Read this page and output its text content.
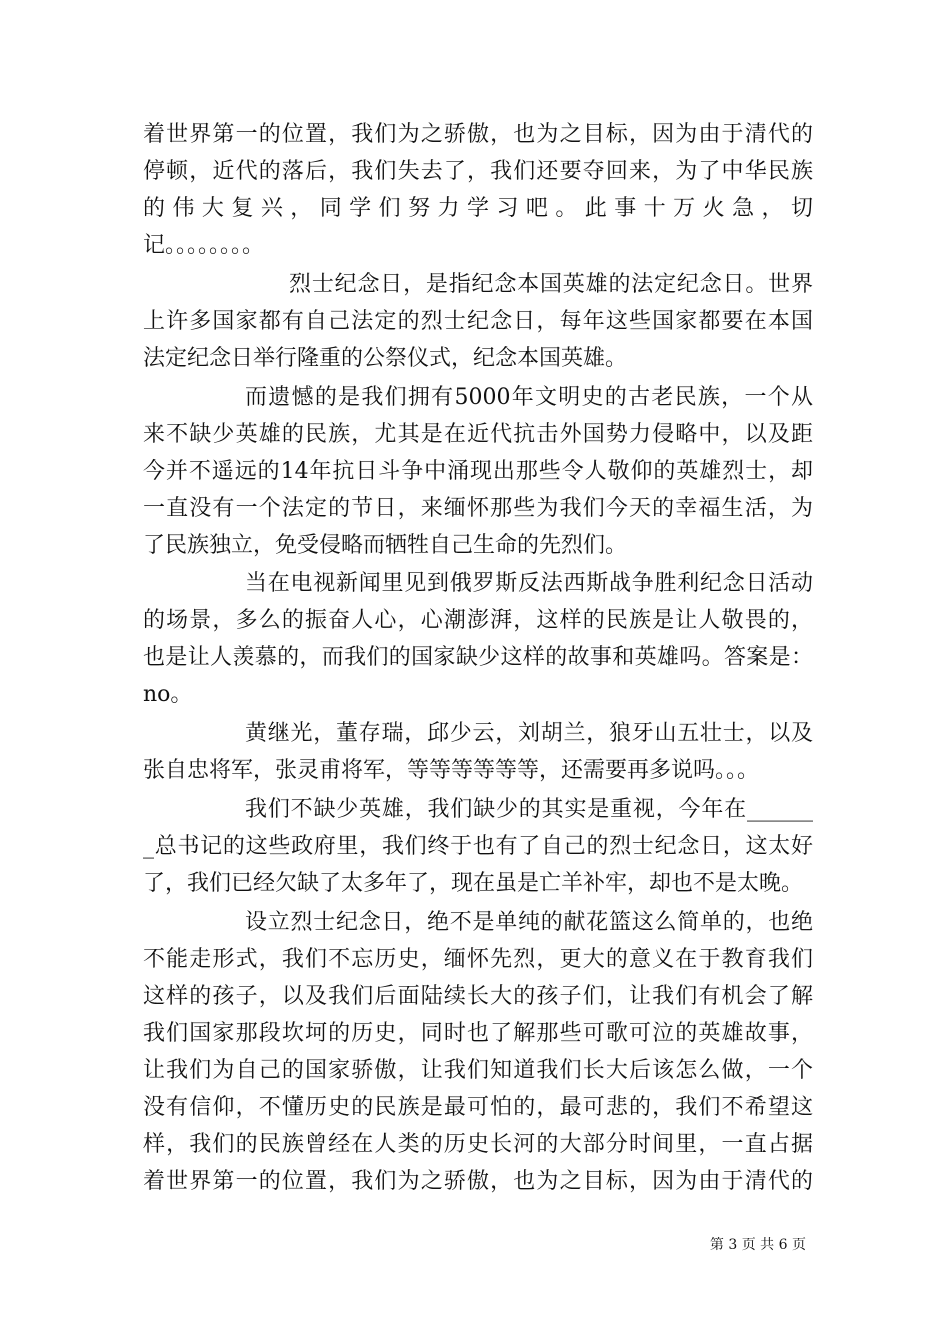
着世界第一的位置，我们为之骄傲，也为之目标，因为由于清代的
停顿，近代的落后，我们失去了，我们还要夺回来，为了中华民族
的伟大复兴，同学们努力学习吧。此事十万火急，切
记。。。。。。。。
烈士纪念日，是指纪念本国英雄的法定纪念日。世界
上许多国家都有自己法定的烈士纪念日，每年这些国家都要在本国
法定纪念日举行隆重的公祭仪式，纪念本国英雄。
而遗憾的是我们拥有5000年文明史的古老民族，一个从
来不缺少英雄的民族，尤其是在近代抗击外国势力侵略中，以及距
今并不遥远的14年抗日斗争中涌现出那些令人敬仰的英雄烈士，却
一直没有一个法定的节日，来缅怀那些为我们今天的幸福生活，为
了民族独立，免受侵略而牺牲自己生命的先烈们。
当在电视新闻里见到俄罗斯反法西斯战争胜利纪念日活动
的场景，多么的振奋人心，心潮澎湃，这样的民族是让人敬畏的，
也是让人羡慕的，而我们的国家缺少这样的故事和英雄吗。答案是：
no。
黄继光，董存瑞，邱少云，刘胡兰，狼牙山五壮士，以及
张自忠将军，张灵甫将军，等等等等等等，还需要再多说吗。。。
我们不缺少英雄，我们缺少的其实是重视，今年在______
_总书记的这些政府里，我们终于也有了自己的烈士纪念日，这太好
了，我们已经欠缺了太多年了，现在虽是亡羊补牢，却也不是太晚。
设立烈士纪念日，绝不是单纯的献花篮这么简单的，也绝
不能走形式，我们不忘历史，缅怀先烈，更大的意义在于教育我们
这样的孩子，以及我们后面陆续长大的孩子们，让我们有机会了解
我们国家那段坎坷的历史，同时也了解那些可歌可泣的英雄故事，
让我们为自己的国家骄傲，让我们知道我们长大后该怎么做，一个
没有信仰，不懂历史的民族是最可怕的，最可悲的，我们不希望这
样，我们的民族曾经在人类的历史长河的大部分时间里，一直占据
着世界第一的位置，我们为之骄傲，也为之目标，因为由于清代的
第 3 页 共 6 页
